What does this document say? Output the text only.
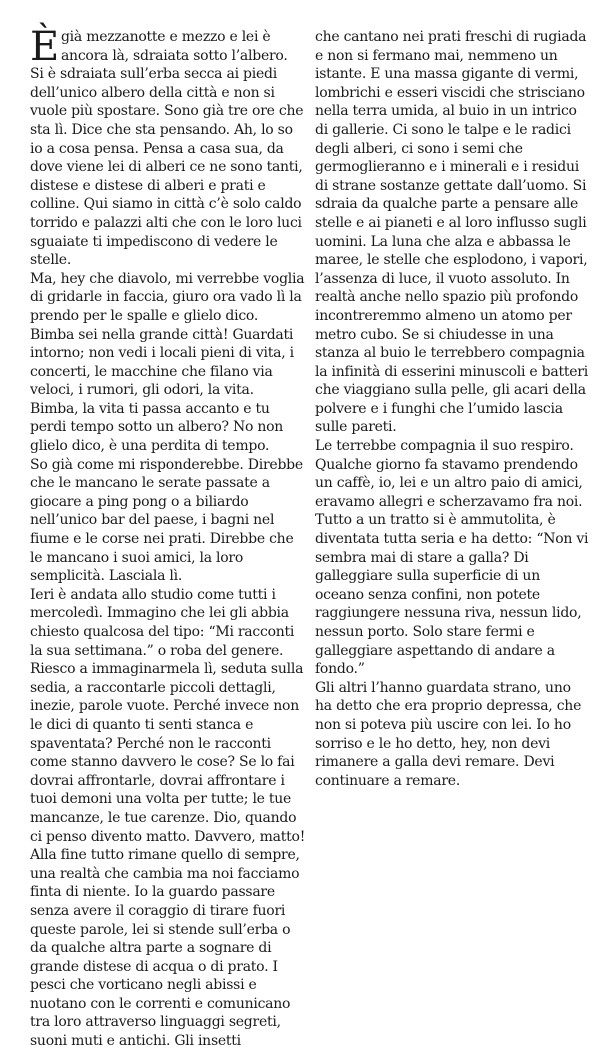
È già mezzanotte e mezzo e lei è ancora là, sdraiata sotto l’albero.

Si è sdraiata sull’erba secca ai piedi dell’unico albero della città e non si vuole più spostare. Sono già tre ore che sta lì. Dice che sta pensando. Ah, lo so io a cosa pensa. Pensa a casa sua, da dove viene lei di alberi ce ne sono tanti, distese e distese di alberi e prati e colline. Qui siamo in città c’è solo caldo torrido e palazzi alti che con le loro luci sguaiate ti impediscono di vedere le stelle.

Ma, hey che diavolo, mi verrebbe voglia di gridarle in faccia, giuro ora vado lì la prendo per le spalle e glielo dico. Bimba sei nella grande città! Guardati intorno; non vedi i locali pieni di vita, i concerti, le macchine che filano via veloci, i rumori, gli odori, la vita. Bimba, la vita ti passa accanto e tu perdi tempo sotto un albero? No non glielo dico, è una perdita di tempo.

So già come mi risponderebbe. Direbbe che le mancano le serate passate a giocare a ping pong o a biliardo nell’unico bar del paese, i bagni nel fiume e le corse nei prati. Direbbe che le mancano i suoi amici, la loro semplicità. Lasciala lì.

Ieri è andata allo studio come tutti i mercoledì. Immagino che lei gli abbia chiesto qualcosa del tipo: “Mi racconti la sua settimana.” o roba del genere.

Riesco a immaginarmela lì, seduta sulla sedia, a raccontarle piccoli dettagli, inezie, parole vuote. Perché invece non le dici di quanto ti senti stanca e spaventata? Perché non le racconti come stanno davvero le cose? Se lo fai dovrai affrontarle, dovrai affrontare i tuoi demoni una volta per tutte; le tue mancanze, le tue carenze. Dio, quando ci penso divento matto. Davvero, matto!

Alla fine tutto rimane quello di sempre, una realtà che cambia ma noi facciamo finta di niente. Io la guardo passare senza avere il coraggio di tirare fuori queste parole, lei si stende sull’erba o da qualche altra parte a sognare di grande distese di acqua o di prato. I pesci che vorticano negli abissi e nuotano con le correnti e comunicano tra loro attraverso linguaggi segreti, suoni muti e antichi. Gli insetti

che cantano nei prati freschi di rugiada e non si fermano mai, nemmeno un istante. E una massa gigante di vermi, lombrichi e esseri viscidi che strisciano nella terra umida, al buio in un intrico di gallerie. Ci sono le talpe e le radici degli alberi, ci sono i semi che germoglieranno e i minerali e i residui di strane sostanze gettate dall’uomo. Si sdraia da qualche parte a pensare alle stelle e ai pianeti e al loro influsso sugli uomini. La luna che alza e abbassa le maree, le stelle che esplodono, i vapori, l’assenza di luce, il vuoto assoluto. In realtà anche nello spazio più profondo incontreremmo almeno un atomo per metro cubo. Se si chiudesse in una stanza al buio le terrebbero compagnia la infinità di esserini minuscoli e batteri che viaggiano sulla pelle, gli acari della polvere e i funghi che l’umido lascia sulle pareti.

Le terrebbe compagnia il suo respiro.

Qualche giorno fa stavamo prendendo un caffè, io, lei e un altro paio di amici, eravamo allegri e scherzavamo fra noi. Tutto a un tratto si è ammutolita, è diventata tutta seria e ha detto: “Non vi sembra mai di stare a galla? Di galleggiare sulla superficie di un oceano senza confini, non potete raggiungere nessuna riva, nessun lido, nessun porto. Solo stare fermi e galleggiare aspettando di andare a fondo.”

Gli altri l’hanno guardata strano, uno ha detto che era proprio depressa, che non si poteva più uscire con lei. Io ho sorriso e le ho detto, hey, non devi rimanere a galla devi remare. Devi continuare a remare.
